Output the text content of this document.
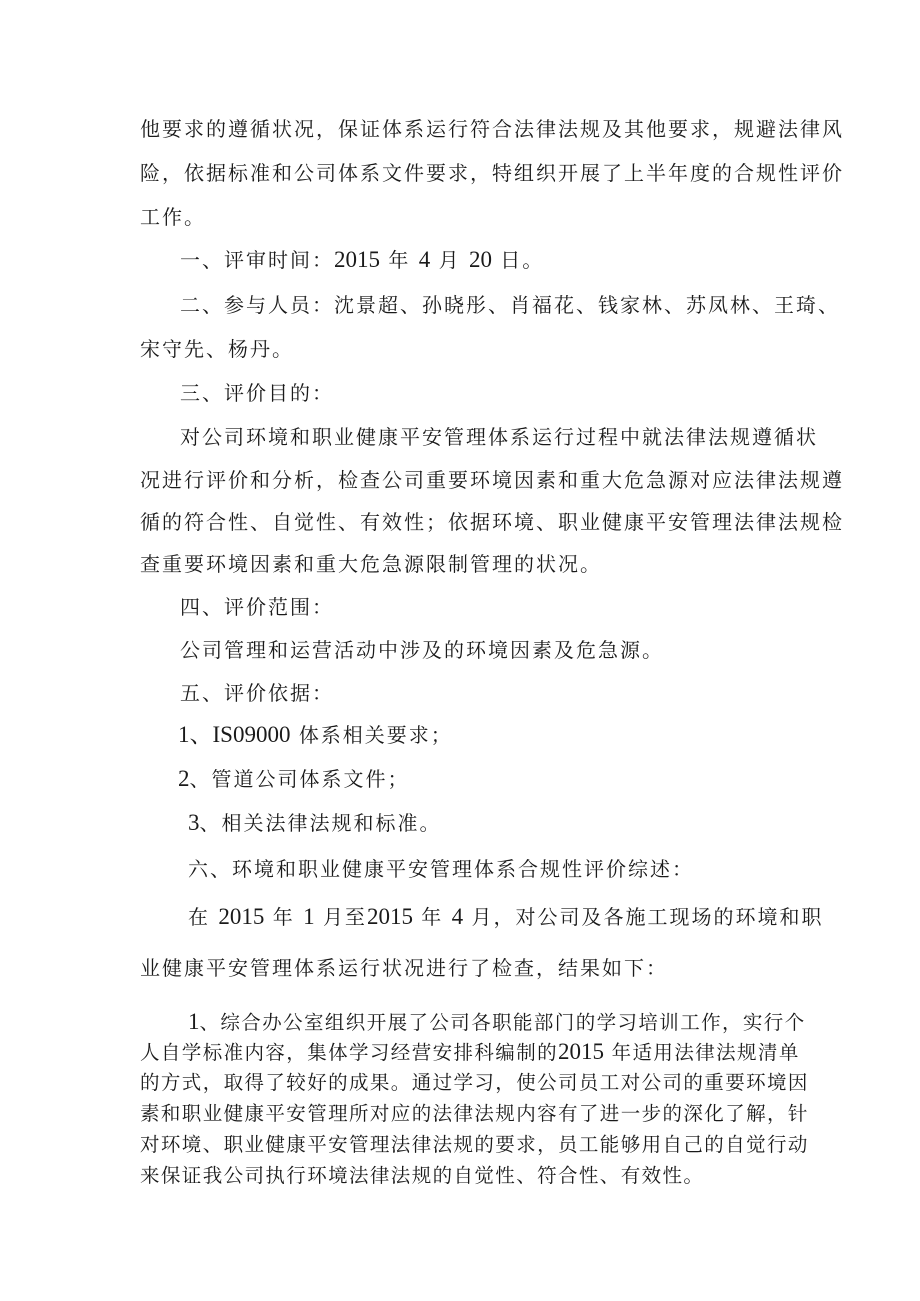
他要求的遵循状况，保证体系运行符合法律法规及其他要求，规避法律风
险，依据标准和公司体系文件要求，特组织开展了上半年度的合规性评价
工作。
一、评审时间：2015 年 4 月 20 日。
二、参与人员：沈景超、孙晓彤、肖福花、钱家林、苏凤林、王琦、
宋守先、杨丹。
三、评价目的：
对公司环境和职业健康平安管理体系运行过程中就法律法规遵循状
况进行评价和分析，检查公司重要环境因素和重大危急源对应法律法规遵
循的符合性、自觉性、有效性；依据环境、职业健康平安管理法律法规检
查重要环境因素和重大危急源限制管理的状况。
四、评价范围：
公司管理和运营活动中涉及的环境因素及危急源。
五、评价依据：
1、IS09000 体系相关要求；
2、管道公司体系文件；
3、相关法律法规和标准。
六、环境和职业健康平安管理体系合规性评价综述：
在 2015 年 1 月至2015 年 4 月，对公司及各施工现场的环境和职
业健康平安管理体系运行状况进行了检查，结果如下：
1、综合办公室组织开展了公司各职能部门的学习培训工作，实行个
人自学标准内容，集体学习经营安排科编制的2015 年适用法律法规清单
的方式，取得了较好的成果。通过学习，使公司员工对公司的重要环境因
素和职业健康平安管理所对应的法律法规内容有了进一步的深化了解，针
对环境、职业健康平安管理法律法规的要求，员工能够用自己的自觉行动
来保证我公司执行环境法律法规的自觉性、符合性、有效性。
